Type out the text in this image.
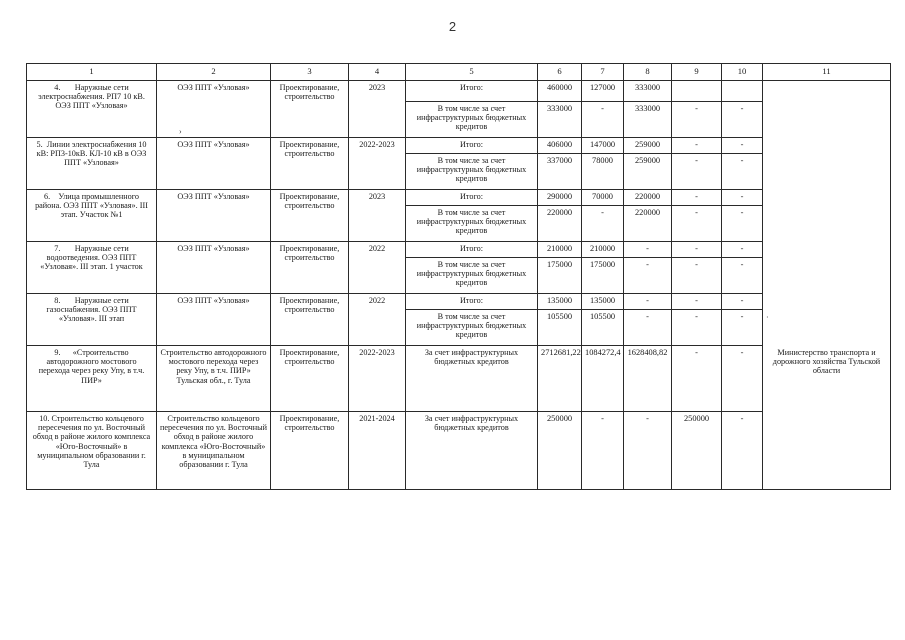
2
1	2	3	4	5	6	7	8	9	10	11
4.       Наружные сети электроснабжения. РП7 10 кВ. ОЭЗ ППТ «Узловая»	ОЭЗ ППТ «Узловая»	Проектирование, строительство	2023	Итого:	460000	127000	333000			
				В том числе за счет инфраструктурных бюджетных кредитов	333000	-	333000	-	-	
5.  Линии электроснабжения 10 кВ: РП3-10кВ. КЛ-10 кВ в ОЭЗ ППТ «Узловая»	ОЭЗ ППТ «Узловая»	Проектирование, строительство	2022-2023	Итого:	406000	147000	259000	-	-	
				В том числе за счет инфраструктурных бюджетных кредитов	337000	78000	259000	-	-	
6.    Улица промышленного района. ОЭЗ ППТ «Узловая». III этап. Участок №1	ОЭЗ ППТ «Узловая»	Проектирование, строительство	2023	Итого:	290000	70000	220000	-	-	
				В том числе за счет инфраструктурных бюджетных кредитов	220000	-	220000	-	-	
7.       Наружные сети водоотведения. ОЭЗ ППТ «Узловая». III этап. 1 участок	ОЭЗ ППТ «Узловая»	Проектирование, строительство	2022	Итого:	210000	210000	-	-	-	
				В том числе за счет инфраструктурных бюджетных кредитов	175000	175000	-	-	-	
8.       Наружные сети газоснабжения. ОЭЗ ППТ «Узловая». III этап	ОЭЗ ППТ «Узловая»	Проектирование, строительство	2022	Итого:	135000	135000	-	-	-	
				В том числе за счет инфраструктурных бюджетных кредитов	105500	105500	-	-	-	
9.      «Строительство автодорожного мостового перехода через реку Упу, в т.ч. ПИР»	Строительство автодорожного мостового перехода через реку Упу, в т.ч. ПИР» Тульская обл., г. Тула	Проектирование, строительство	2022-2023	За счет инфраструктурных бюджетных кредитов	2712681,22	1084272,4	1628408,82	-	-	Министерство транспорта и дорожного хозяйства Тульской области
10. Строительство кольцевого пересечения по ул. Восточный обход в районе жилого комплекса «Юго-Восточный» в муниципальном образовании г. Тула	Строительство кольцевого пересечения по ул. Восточный обход в районе жилого комплекса «Юго-Восточный» в муниципальном образовании г. Тула	Проектирование, строительство	2021-2024	За счет инфраструктурных бюджетных кредитов	250000	-	-	250000	-	
›
·
